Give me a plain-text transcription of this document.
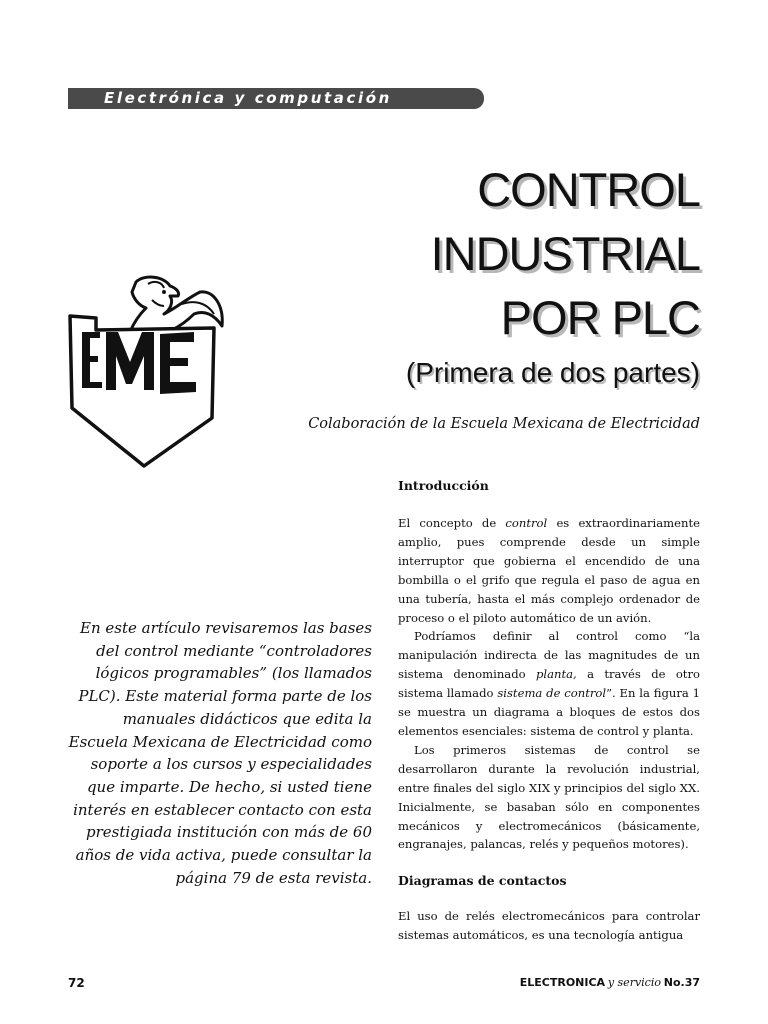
Electrónica y computación
CONTROL
INDUSTRIAL
POR PLC
(Primera de dos partes)
Colaboración de la Escuela Mexicana de Electricidad
EME
En este artículo revisaremos las bases del control mediante “controladores lógicos programables” (los llamados PLC). Este material forma parte de los manuales didácticos que edita la Escuela Mexicana de Electricidad como soporte a los cursos y especialidades que imparte. De hecho, si usted tiene interés en establecer contacto con esta prestigiada institución con más de 60 años de vida activa, puede consultar la página 79 de esta revista.
Introducción

El concepto de control es extraordinariamente amplio, pues comprende desde un simple interruptor que gobierna el encendido de una bombilla o el grifo que regula el paso de agua en una tubería, hasta el más complejo ordenador de proceso o el piloto automático de un avión.

Podríamos definir al control como “la manipulación indirecta de las magnitudes de un sistema denominado planta, a través de otro sistema llamado sistema de control”. En la figura 1 se muestra un diagrama a bloques de estos dos elementos esenciales: sistema de control y planta.

Los primeros sistemas de control se desarrollaron durante la revolución industrial, entre finales del siglo XIX y principios del siglo XX. Inicialmente, se basaban sólo en componentes mecánicos y electromecánicos (básicamente, engranajes, palancas, relés y pequeños motores).

Diagramas de contactos

El uso de relés electromecánicos para controlar sistemas automáticos, es una tecnología antigua

72	ELECTRONICA y servicio No.37
